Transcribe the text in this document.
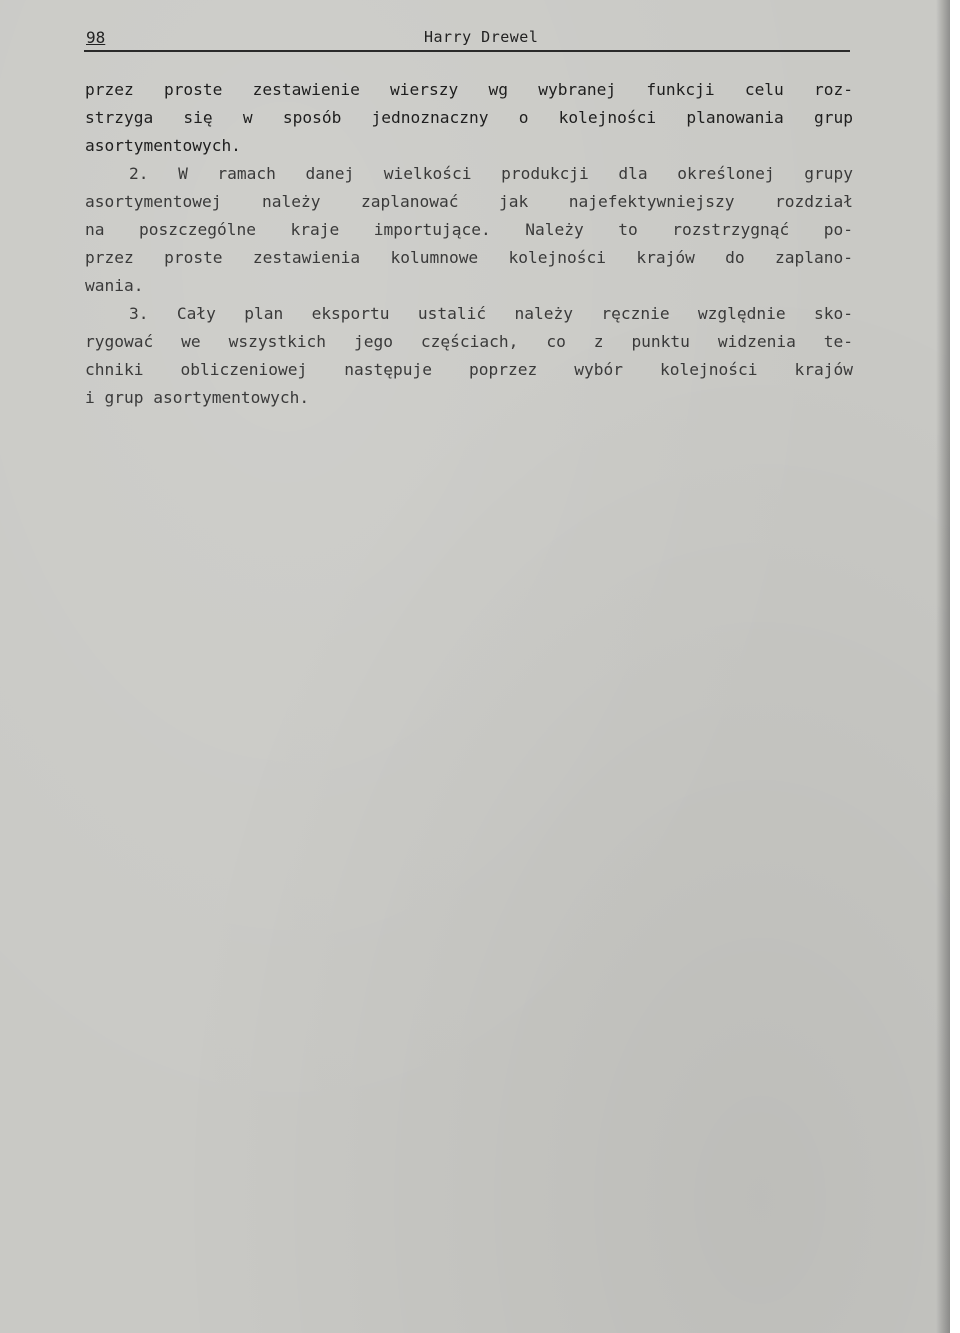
98	Harry Drewel
przez proste zestawienie wierszy wg wybranej funkcji celu roz-
strzyga się w sposób jednoznaczny o kolejności planowania grup
asortymentowych.
2. W ramach danej wielkości produkcji dla określonej grupy
asortymentowej należy zaplanować jak najefektywniejszy rozdział
na poszczególne kraje importujące. Należy to rozstrzygnąć po-
przez proste zestawienia kolumnowe kolejności krajów do zaplano-
wania.
3. Cały plan eksportu ustalić należy ręcznie względnie sko-
rygować we wszystkich jego częściach, co z punktu widzenia te-
chniki obliczeniowej następuje poprzez wybór kolejności krajów
i grup asortymentowych.
